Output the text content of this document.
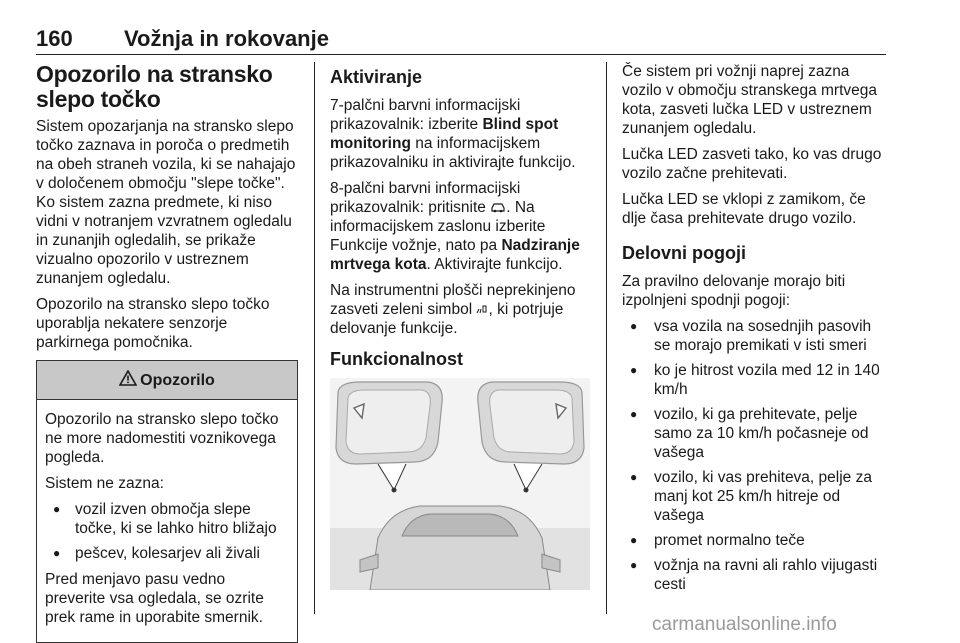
160 Vožnja in rokovanje
Opozorilo na stransko slepo točko

Sistem opozarjanja na stransko slepo točko zaznava in poroča o predmetih na obeh straneh vozila, ki se nahajajo v določenem območju "slepe točke". Ko sistem zazna predmete, ki niso vidni v notranjem vzvratnem ogledalu in zunanjih ogledalih, se prikaže vizualno opozorilo v ustreznem zunanjem ogledalu.

Opozorilo na stransko slepo točko uporablja nekatere senzorje parkirnega pomočnika.

Opozorilo

Opozorilo na stransko slepo točko ne more nadomestiti voznikovega pogleda.

Sistem ne zazna:

● vozil izven območja slepe točke, ki se lahko hitro bližajo
● pešcev, kolesarjev ali živali

Pred menjavo pasu vedno preverite vsa ogledala, se ozrite prek rame in uporabite smernik.

Aktiviranje

7-palčni barvni informacijski prikazovalnik: izberite Blind spot monitoring na informacijskem prikazovalniku in aktivirajte funkcijo.

8-palčni barvni informacijski prikazovalnik: pritisnite . Na informacijskem zaslonu izberite Funkcije vožnje, nato pa Nadziranje mrtvega kota. Aktivirajte funkcijo.

Na instrumentni plošči neprekinjeno zasveti zeleni simbol , ki potrjuje delovanje funkcije.

Funkcionalnost

Če sistem pri vožnji naprej zazna vozilo v območju stranskega mrtvega kota, zasveti lučka LED v ustreznem zunanjem ogledalu.

Lučka LED zasveti tako, ko vas drugo vozilo začne prehitevati.

Lučka LED se vklopi z zamikom, če dlje časa prehitevate drugo vozilo.

Delovni pogoji

Za pravilno delovanje morajo biti izpolnjeni spodnji pogoji:

● vsa vozila na sosednjih pasovih se morajo premikati v isti smeri
● ko je hitrost vozila med 12 in 140 km/h
● vozilo, ki ga prehitevate, pelje samo za 10 km/h počasneje od vašega
● vozilo, ki vas prehiteva, pelje za manj kot 25 km/h hitreje od vašega
● promet normalno teče
● vožnja na ravni ali rahlo vijugasti cesti
carmanualsonline.info
